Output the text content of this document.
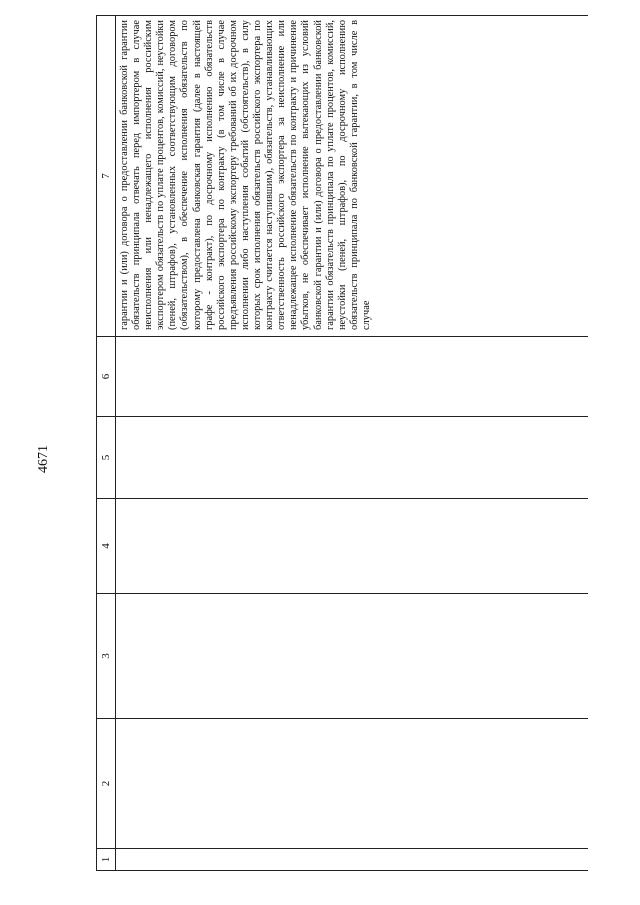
4671
1	2	3	4	5	6	7
						гарантии и (или) договора о предоставлении банковской гарантии обязательств принципала отвечать перед импортером в случае неисполнения или ненадлежащего исполнения российским экспортером обязательств по уплате процентов, комиссий, неустойки (пеней, штрафов), установленных соответствующим договором (обязательством), в обеспечение исполнения обязательств по которому предоставлена банковская гарантия (далее в настоящей графе - контракт), по досрочному исполнению обязательств российского экспортера по контракту (в том числе в случае предъявления российскому экспортеру требований об их досрочном исполнении либо наступления событий (обстоятельств), в силу которых срок исполнения обязательств российского экспортера по контракту считается наступившим), обязательств, устанавливающих ответственность российского экспортера за неисполнение или ненадлежащее исполнение обязательств по контракту и причинение убытков, не обеспечивает исполнение вытекающих из условий банковской гарантии и (или) договора о предоставлении банковской гарантии обязательств принципала по уплате процентов, комиссий, неустойки (пеней, штрафов), по досрочному исполнению обязательств принципала по банковской гарантии, в том числе в случае
